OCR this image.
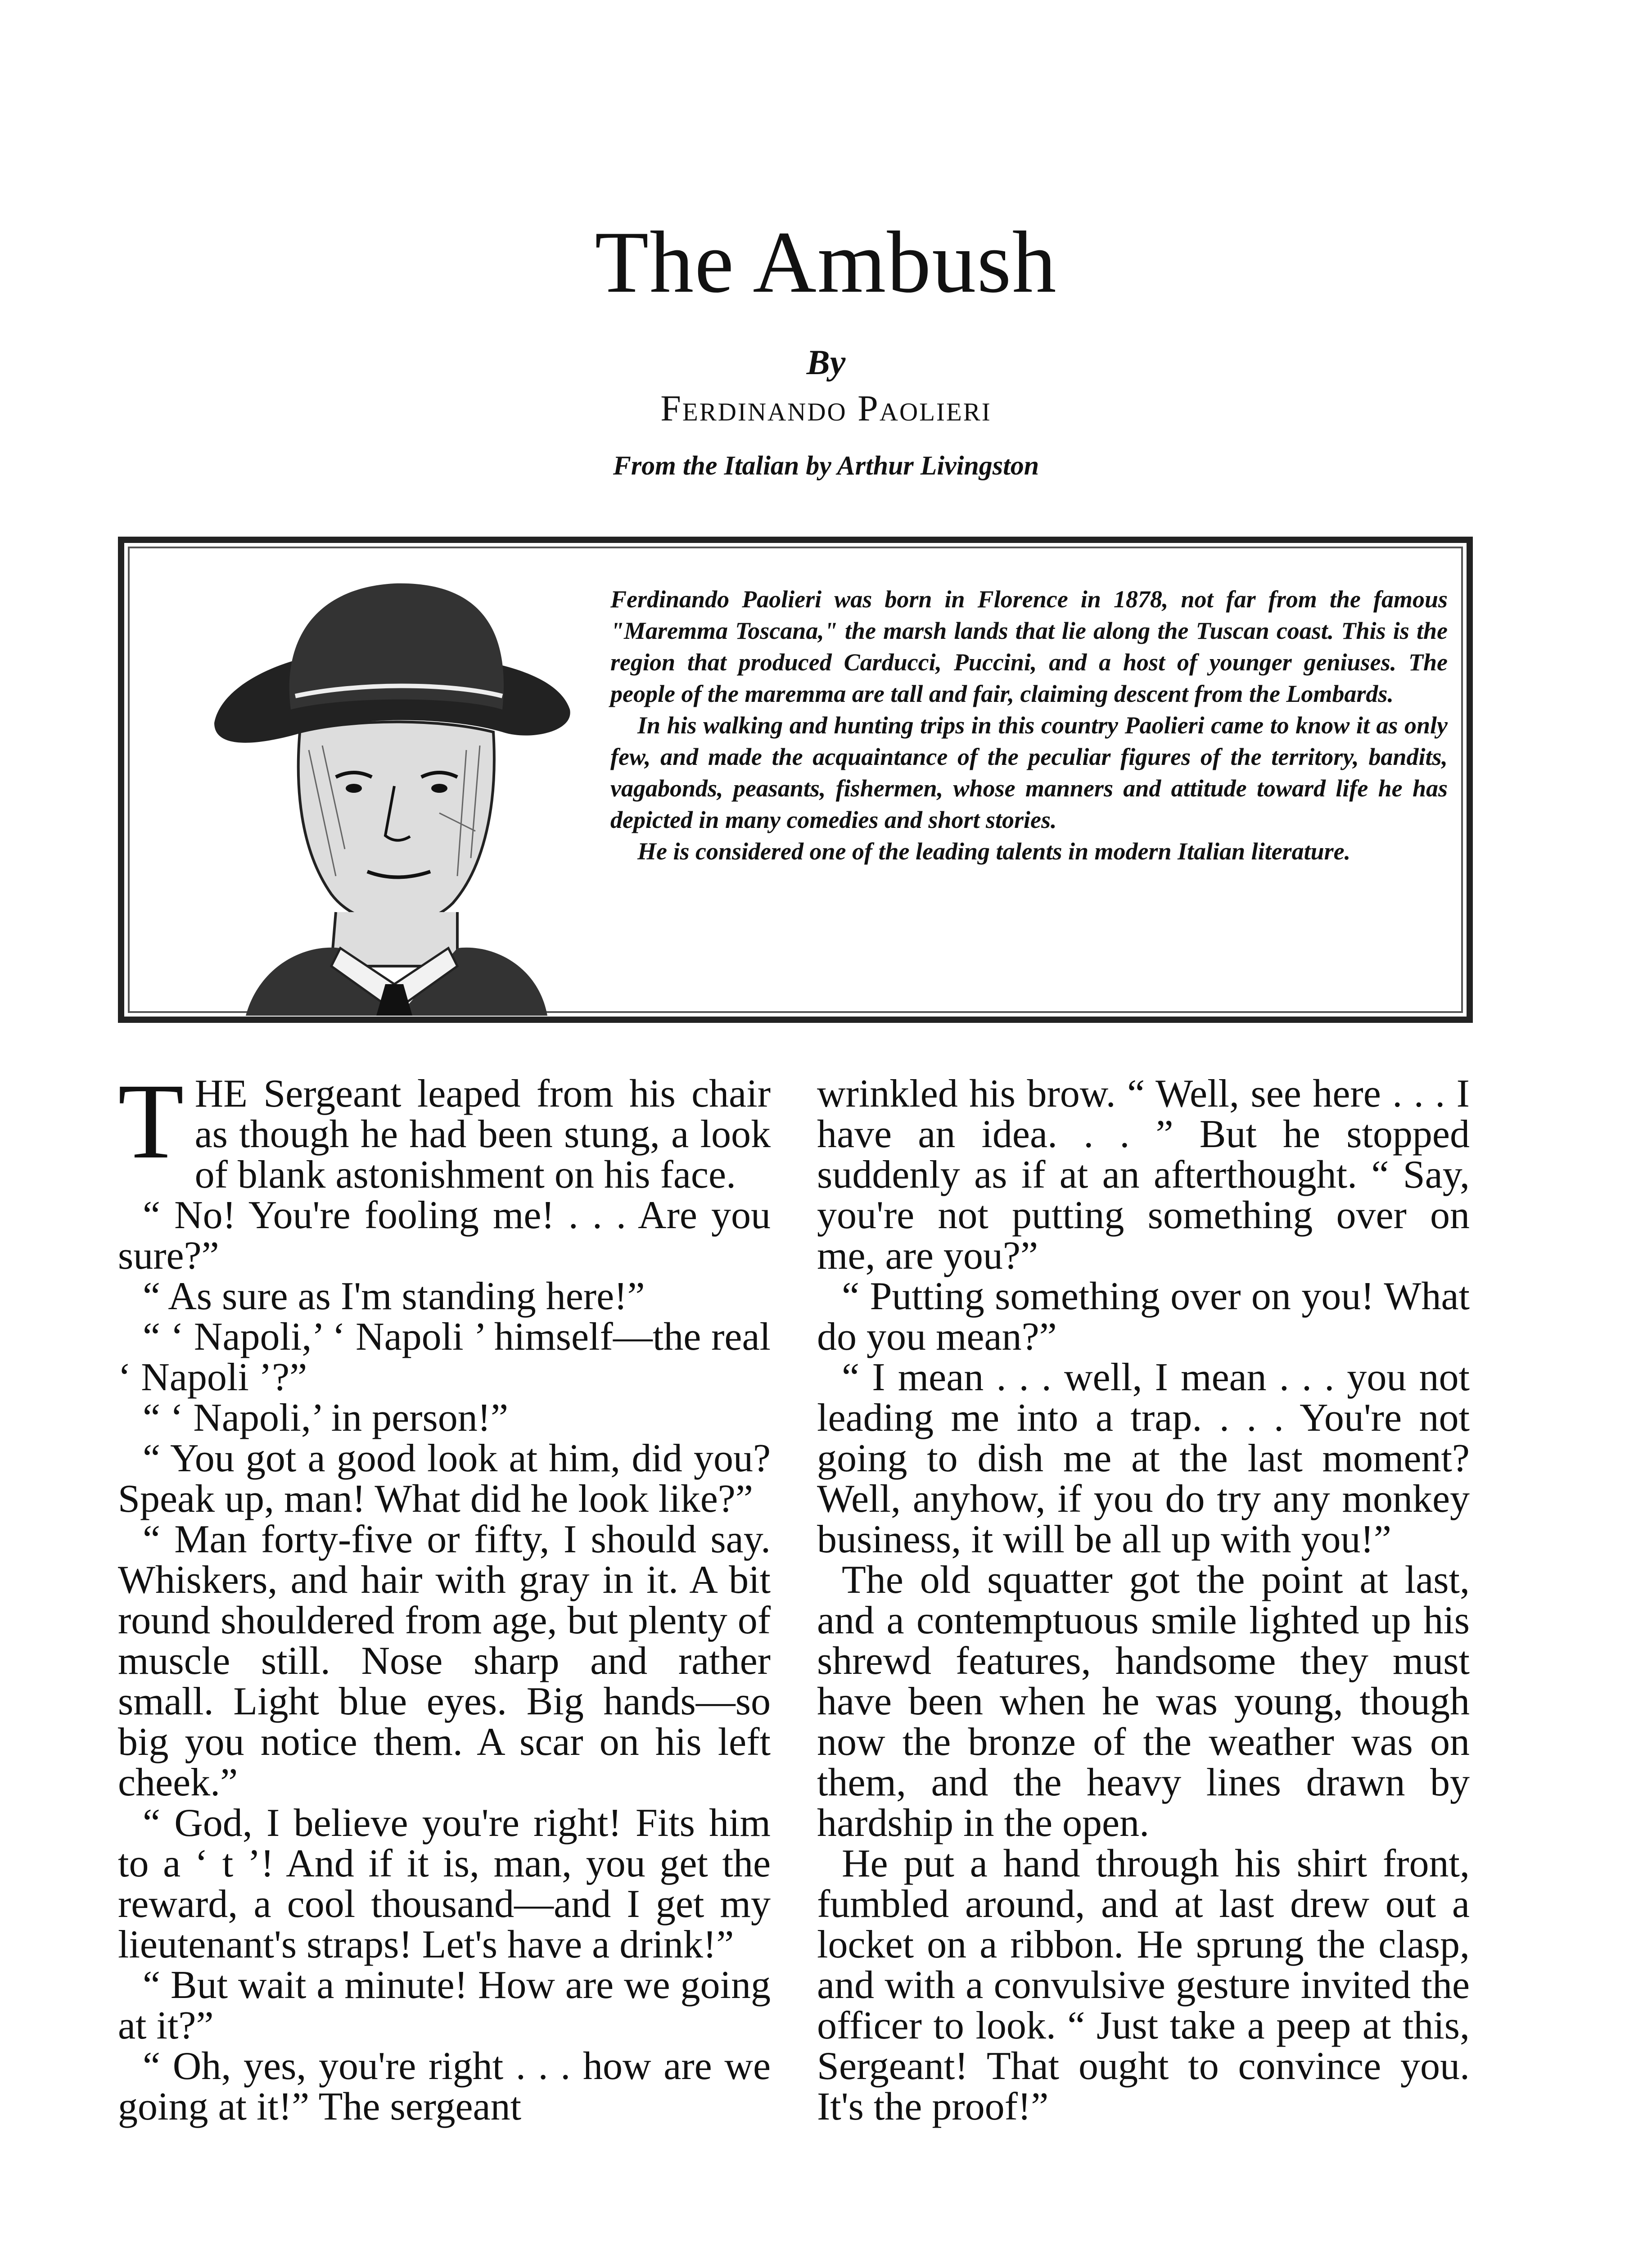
The Ambush
By
Ferdinando Paolieri
From the Italian by Arthur Livingston

Ferdinando Paolieri was born in Florence in 1878, not far from the famous "Maremma Toscana," the marsh lands that lie along the Tuscan coast. This is the region that produced Carducci, Puccini, and a host of younger geniuses. The people of the maremma are tall and fair, claiming descent from the Lombards.

In his walking and hunting trips in this country Paolieri came to know it as only few, and made the acquaintance of the peculiar figures of the territory, bandits, vagabonds, peasants, fishermen, whose manners and attitude toward life he has depicted in many comedies and short stories.

He is considered one of the leading talents in modern Italian literature.

THE Sergeant leaped from his chair as though he had been stung, a look of blank astonishment on his face.

“ No! You're fooling me! . . . Are you sure?”

“ As sure as I'm standing here!”

“ ‘ Napoli,’ ‘ Napoli ’ himself—the real ‘ Napoli ’?”

“ ‘ Napoli,’ in person!”

“ You got a good look at him, did you? Speak up, man! What did he look like?”

“ Man forty-five or fifty, I should say. Whiskers, and hair with gray in it. A bit round shouldered from age, but plenty of muscle still. Nose sharp and rather small. Light blue eyes. Big hands—so big you notice them. A scar on his left cheek.”

“ God, I believe you're right! Fits him to a ‘ t ’! And if it is, man, you get the reward, a cool thousand—and I get my lieutenant's straps! Let's have a drink!”

“ But wait a minute! How are we going at it?”

“ Oh, yes, you're right . . . how are we going at it!” The sergeant

wrinkled his brow. “ Well, see here . . . I have an idea. . . ” But he stopped suddenly as if at an afterthought. “ Say, you're not putting something over on me, are you?”

“ Putting something over on you! What do you mean?”

“ I mean . . . well, I mean . . . you not leading me into a trap. . . . You're not going to dish me at the last moment? Well, anyhow, if you do try any monkey business, it will be all up with you!”

The old squatter got the point at last, and a contemptuous smile lighted up his shrewd features, handsome they must have been when he was young, though now the bronze of the weather was on them, and the heavy lines drawn by hardship in the open.

He put a hand through his shirt front, fumbled around, and at last drew out a locket on a ribbon. He sprung the clasp, and with a convulsive gesture invited the officer to look. “ Just take a peep at this, Sergeant! That ought to convince you. It's the proof!”
